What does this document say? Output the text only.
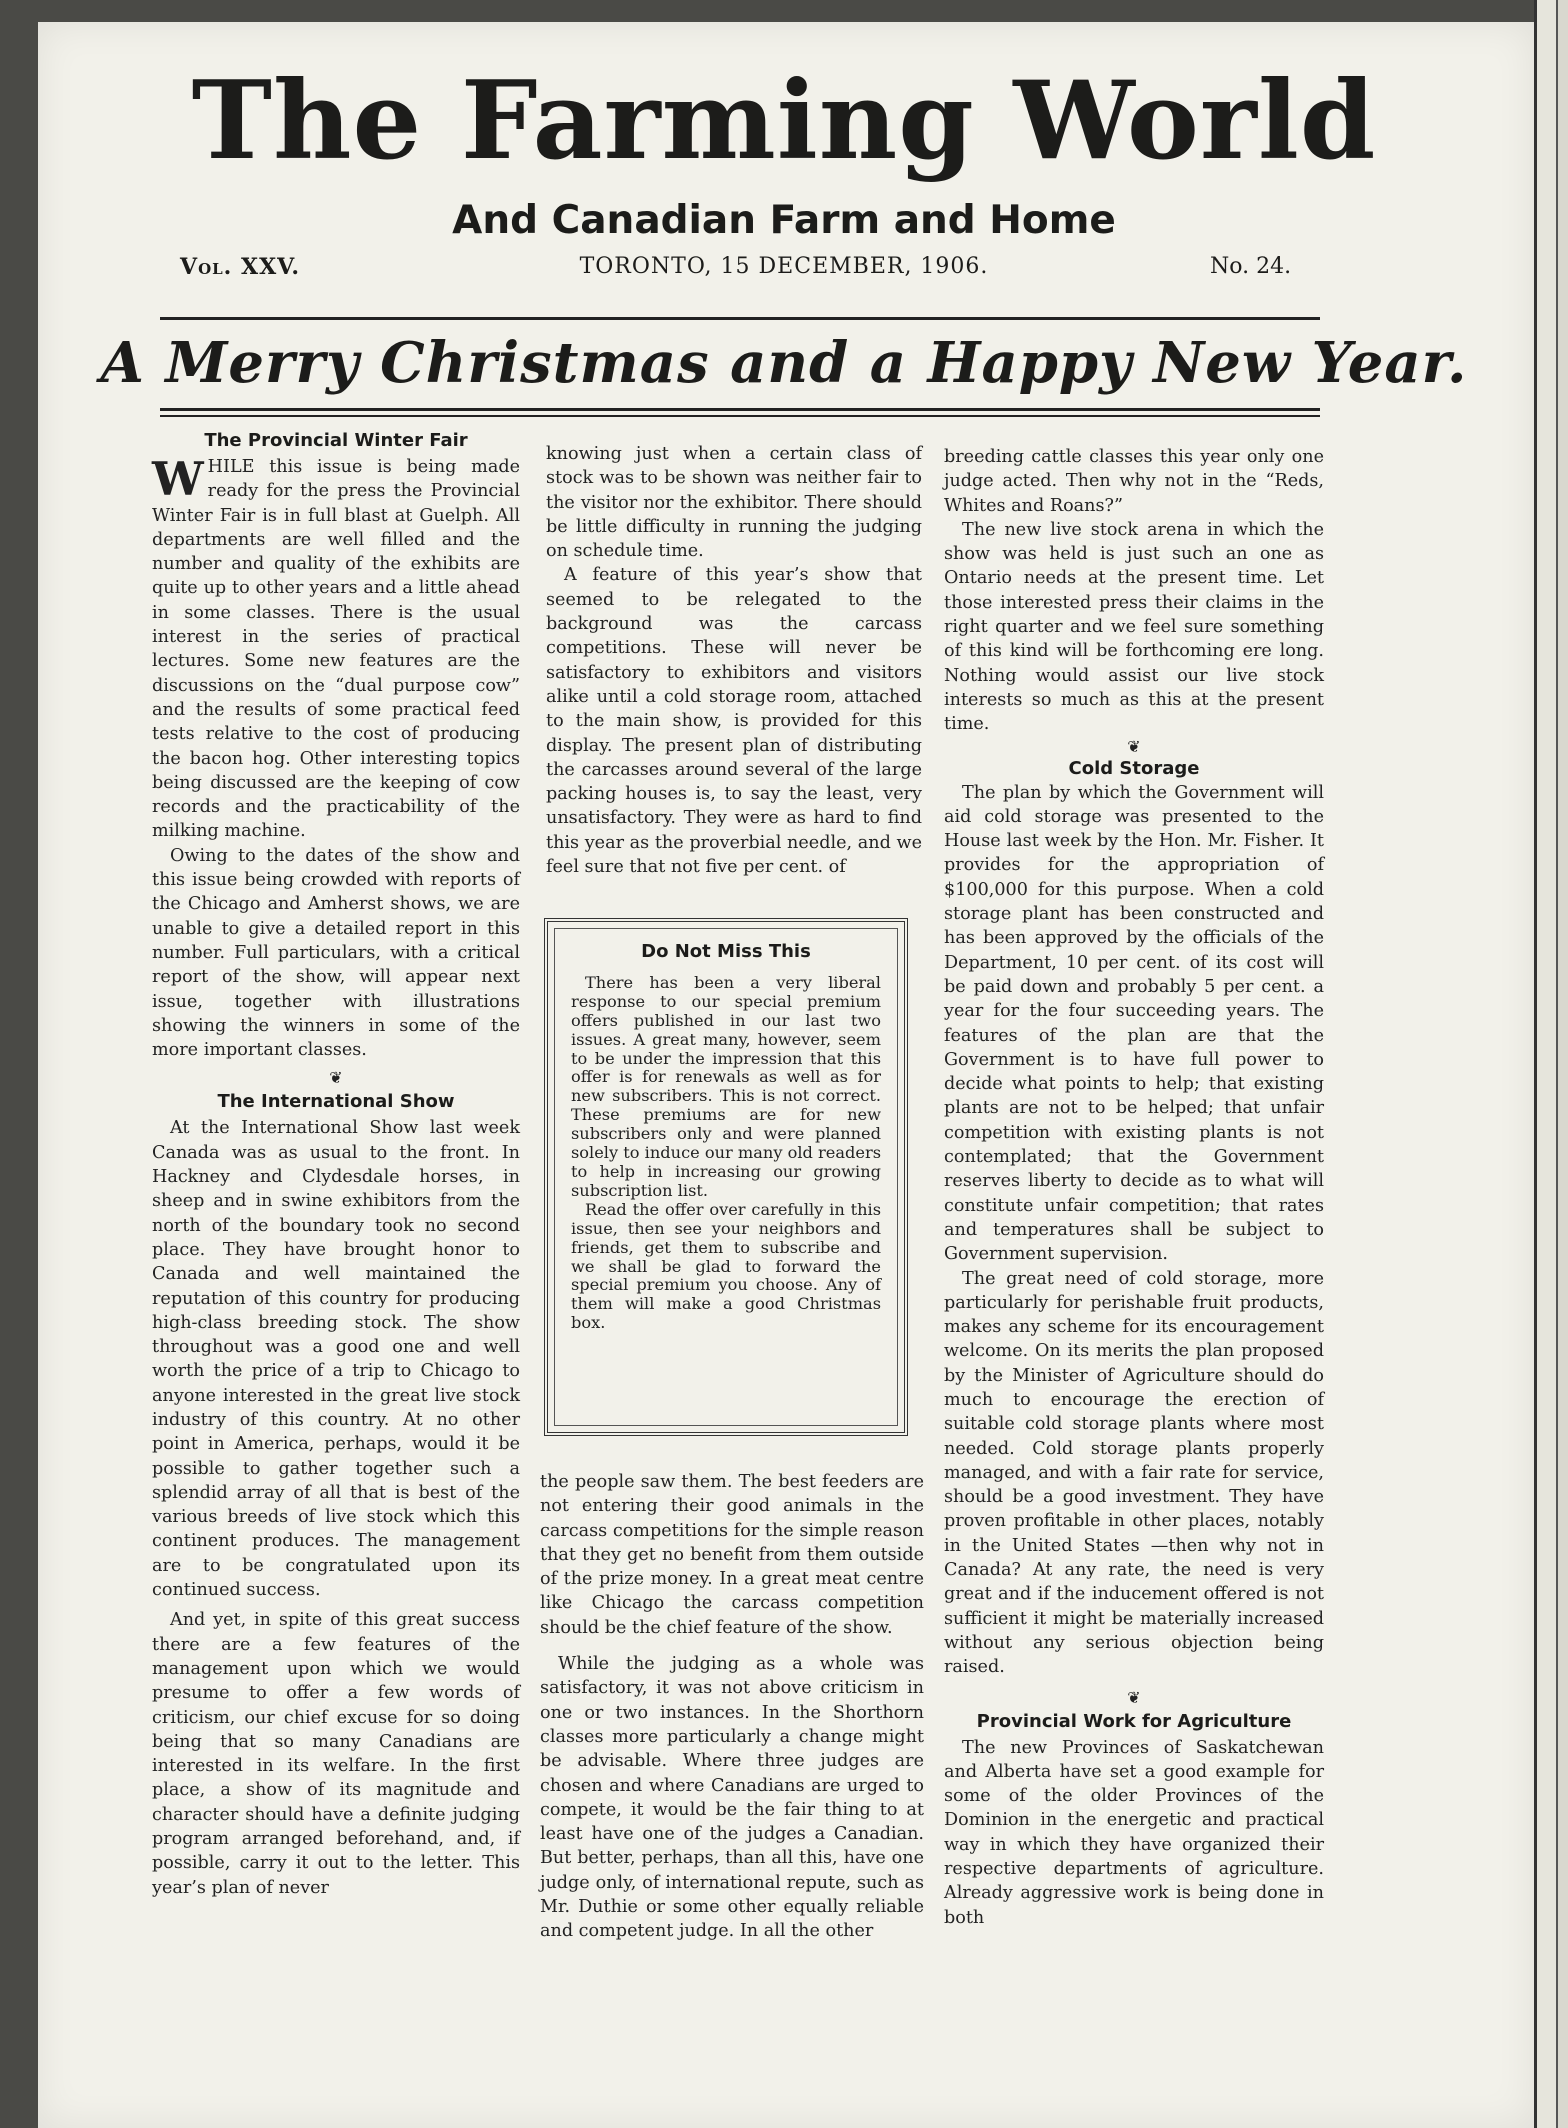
The Farming World
And Canadian Farm and Home
Vol. XXV.	TORONTO, 15 DECEMBER, 1906.	No. 24.
A Merry Christmas and a Happy New Year.

The Provincial Winter Fair

WHILE this issue is being made ready for the press the Provincial Winter Fair is in full blast at Guelph. All departments are well filled and the number and quality of the exhibits are quite up to other years and a little ahead in some classes. There is the usual interest in the series of practical lectures. Some new features are the discussions on the “dual purpose cow” and the results of some practical feed tests relative to the cost of producing the bacon hog. Other interesting topics being discussed are the keeping of cow records and the practicability of the milking machine.

Owing to the dates of the show and this issue being crowded with reports of the Chicago and Amherst shows, we are unable to give a detailed report in this number. Full particulars, with a critical report of the show, will appear next issue, together with illustrations showing the winners in some of the more important classes.

❦

The International Show

At the International Show last week Canada was as usual to the front. In Hackney and Clydesdale horses, in sheep and in swine exhibitors from the north of the boundary took no second place. They have brought honor to Canada and well maintained the reputation of this country for producing high-class breeding stock. The show throughout was a good one and well worth the price of a trip to Chicago to anyone interested in the great live stock industry of this country. At no other point in America, perhaps, would it be possible to gather together such a splendid array of all that is best of the various breeds of live stock which this continent produces. The management are to be congratulated upon its continued success.

And yet, in spite of this great success there are a few features of the management upon which we would presume to offer a few words of criticism, our chief excuse for so doing being that so many Canadians are interested in its welfare. In the first place, a show of its magnitude and character should have a definite judging program arranged beforehand, and, if possible, carry it out to the letter. This year’s plan of never

knowing just when a certain class of stock was to be shown was neither fair to the visitor nor the exhibitor. There should be little difficulty in running the judging on schedule time.

A feature of this year’s show that seemed to be relegated to the background was the carcass competitions. These will never be satisfactory to exhibitors and visitors alike until a cold storage room, attached to the main show, is provided for this display. The present plan of distributing the carcasses around several of the large packing houses is, to say the least, very unsatisfactory. They were as hard to find this year as the proverbial needle, and we feel sure that not five per cent. of

Do Not Miss This

There has been a very liberal response to our special premium offers published in our last two issues. A great many, however, seem to be under the impression that this offer is for renewals as well as for new subscribers. This is not correct. These premiums are for new subscribers only and were planned solely to induce our many old readers to help in increasing our growing subscription list.

Read the offer over carefully in this issue, then see your neighbors and friends, get them to subscribe and we shall be glad to forward the special premium you choose. Any of them will make a good Christmas box.

the people saw them. The best feeders are not entering their good animals in the carcass competitions for the simple reason that they get no benefit from them outside of the prize money. In a great meat centre like Chicago the carcass competition should be the chief feature of the show.

While the judging as a whole was satisfactory, it was not above criticism in one or two instances. In the Shorthorn classes more particularly a change might be advisable. Where three judges are chosen and where Canadians are urged to compete, it would be the fair thing to at least have one of the judges a Canadian. But better, perhaps, than all this, have one judge only, of international repute, such as Mr. Duthie or some other equally reliable and competent judge. In all the other

breeding cattle classes this year only one judge acted. Then why not in the “Reds, Whites and Roans?”

The new live stock arena in which the show was held is just such an one as Ontario needs at the present time. Let those interested press their claims in the right quarter and we feel sure something of this kind will be forthcoming ere long. Nothing would assist our live stock interests so much as this at the present time.

❦

Cold Storage

The plan by which the Government will aid cold storage was presented to the House last week by the Hon. Mr. Fisher. It provides for the appropriation of $100,000 for this purpose. When a cold storage plant has been constructed and has been approved by the officials of the Department, 10 per cent. of its cost will be paid down and probably 5 per cent. a year for the four succeeding years. The features of the plan are that the Government is to have full power to decide what points to help; that existing plants are not to be helped; that unfair competition with existing plants is not contemplated; that the Government reserves liberty to decide as to what will constitute unfair competition; that rates and temperatures shall be subject to Government supervision.

The great need of cold storage, more particularly for perishable fruit products, makes any scheme for its encouragement welcome. On its merits the plan proposed by the Minister of Agriculture should do much to encourage the erection of suitable cold storage plants where most needed. Cold storage plants properly managed, and with a fair rate for service, should be a good investment. They have proven profitable in other places, notably in the United States —then why not in Canada? At any rate, the need is very great and if the inducement offered is not sufficient it might be materially increased without any serious objection being raised.

❦

Provincial Work for Agriculture

The new Provinces of Saskatchewan and Alberta have set a good example for some of the older Provinces of the Dominion in the energetic and practical way in which they have organized their respective departments of agriculture. Already aggressive work is being done in both
